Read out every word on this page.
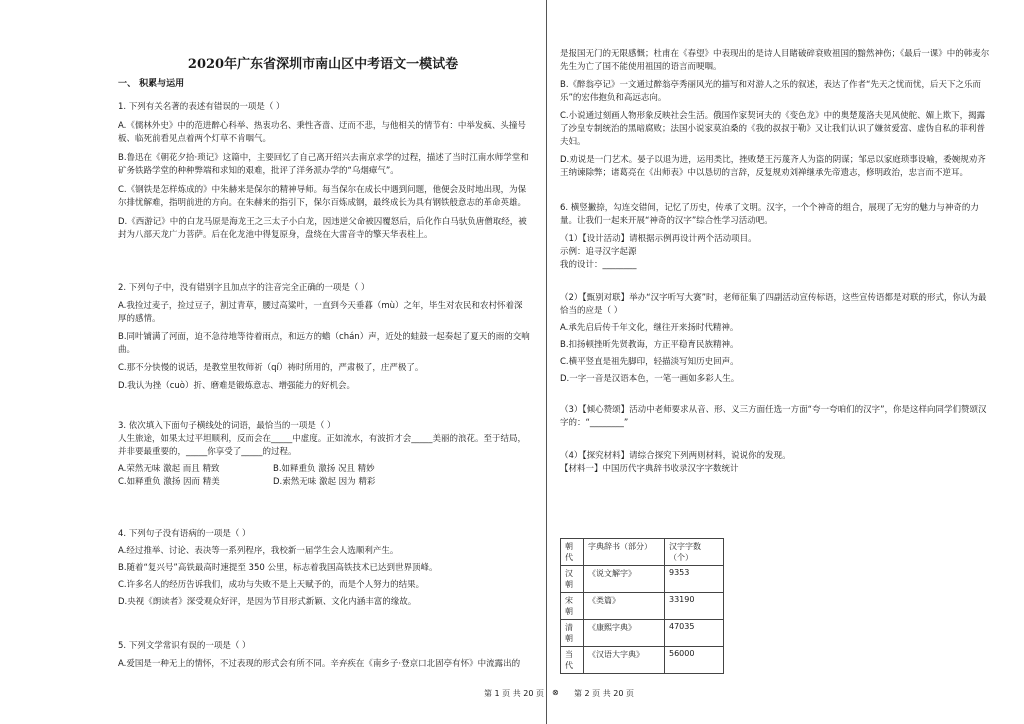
2020年广东省深圳市南山区中考语文一模试卷
一、 积累与运用

1. 下列有关名著的表述有错误的一项是（ ）

A.《儒林外史》中的范进醉心科举、热衷功名、秉性吝啬、迂而不悲，与他相关的情节有：中举发疯、头撞号板、临死前看见点着两个灯草不肯咽气。

B.鲁迅在《朝花夕拾·琐记》这篇中，主要回忆了自己离开绍兴去南京求学的过程，描述了当时江南水师学堂和矿务铁路学堂的种种弊端和求知的艰难，批评了洋务派办学的“乌烟瘴气”。

C.《钢铁是怎样炼成的》中朱赫来是保尔的精神导师。每当保尔在成长中遇到问题，他便会及时地出现，为保尔排忧解难，指明前进的方向。在朱赫来的指引下，保尔百炼成钢，最终成长为具有钢铁般意志的革命英雄。

D.《西游记》中的白龙马原是海龙王之三太子小白龙，因违逆父命被囚覆怒后，后化作白马驮负唐僧取经，被封为八部天龙广力菩萨。后在化龙池中得复原身，盘绕在大雷音寺的擎天华表柱上。

2. 下列句子中，没有错别字且加点字的注音完全正确的一项是（ ）

A.我捡过麦子，捡过豆子，割过青草，腰过高粱叶，一直到今天垂暮（mù）之年，毕生对农民和农村怀着深厚的感情。

B.同叶铺满了河面，迫不急待地等待着雨点，和远方的蟾（chán）声，近处的蛙鼓一起奏起了夏天的雨的交响曲。

C.那不分快慢的说话，是教堂里牧师祈（qí）祷时所用的，严肃极了，庄严极了。

D.我认为挫（cuò）折、磨难是锻炼意志、增强能力的好机会。

3. 依次填入下面句子横线处的词语，最恰当的一项是（ ）

人生旅途，如果太过平坦顺利，反而会在_____中虚度。正如流水，有波折才会_____美丽的浪花。至于结局，并非要最重要的，_____你享受了_____的过程。

A.荣然无味 激起 而且 精致	B.如释重负 激扬 况且 精妙
C.如释重负 激扬 因而 精美	D.索然无味 激起 因为 精彩

4. 下列句子没有语病的一项是（ ）

A.经过推举、讨论、表决等一系列程序，我校新一届学生会人选顺利产生。

B.随着“复兴号”高铁最高时速提至 350 公里，标志着我国高铁技术已达到世界顶峰。

C.许多名人的经历告诉我们，成功与失败不是上天赋予的，而是个人努力的结果。

D.央视《朗读者》深受观众好评，是因为节目形式新颖、文化内涵丰富的缘故。

5. 下列文学常识有误的一项是（ ）

A.爱国是一种无上的情怀，不过表现的形式会有所不同。辛弃疾在《南乡子·登京口北固亭有怀》中流露出的

是报国无门的无限感慨；杜甫在《春望》中表现出的是诗人目睹破碎衰败祖国的黯然神伤；《最后一课》中的韩麦尔先生为亡了国不能使用祖国的语言而哽咽。

B.《醉翁亭记》一文通过醉翁亭秀丽风光的描写和对游人之乐的叙述，表达了作者“先天之忧而忧，后天下之乐而乐”的宏伟抱负和高远志向。

C.小说通过刻画人物形象反映社会生活。俄国作家契诃夫的《变色龙》中的奥楚蔑洛夫见风使舵、媚上欺下，揭露了沙皇专制统治的黑暗腐败；法国小说家莫泊桑的《我的叔叔于勒》又让我们认识了嫌贫爱富、虚伪自私的菲利普夫妇。

D.劝说是一门艺术。晏子以退为进，运用类比，挫败楚王污蔑齐人为盗的阴谋；邹忌以家庭琐事设喻，委婉规劝齐王纳谏除弊；诸葛亮在《出师表》中以恳切的言辞，反复规劝刘禅继承先帝遗志，修明政治，忠言而不逆耳。

6. 横竖撇捺，勾连交错间，记忆了历史，传承了文明。汉字，一个个神奇的组合，展现了无穷的魅力与神奇的力量。让我们一起来开展“神奇的汉字”综合性学习活动吧。

（1）【设计活动】请根据示例再设计两个活动项目。

示例：追寻汉字起源

我的设计：________

（2）【甄别对联】举办“汉字听写大赛”时，老师征集了四副活动宣传标语，这些宣传语都是对联的形式，你认为最恰当的应是（ ）

A.承先启后传千年文化，继往开来扬时代精神。

B.扣扬顿挫昕先贤教诲，方正平稳育民族精神。

C.横平竖直是祖先脚印，轻描淡写知历史回声。

D.一字一音是汉语本色，一笔一画如多彩人生。

（3）【倾心赞颂】活动中老师要求从音、形、义三方面任选一方面“夸一夸咱们的汉字”，你是这样向同学们赞颂汉字的：“________”

（4）【探究材料】请综合探究下列两则材料，说说你的发现。

【材料一】中国历代字典辞书收录汉字字数统计

朝代	字典辞书（部分）	汉字字数（个）
汉朝	《说文解字》	9353
宋朝	《类篇》	33190
清朝	《康熙字典》	47035
当代	《汉语大字典》	56000
第 1 页 共 20 页 ⊗ 第 2 页 共 20 页
